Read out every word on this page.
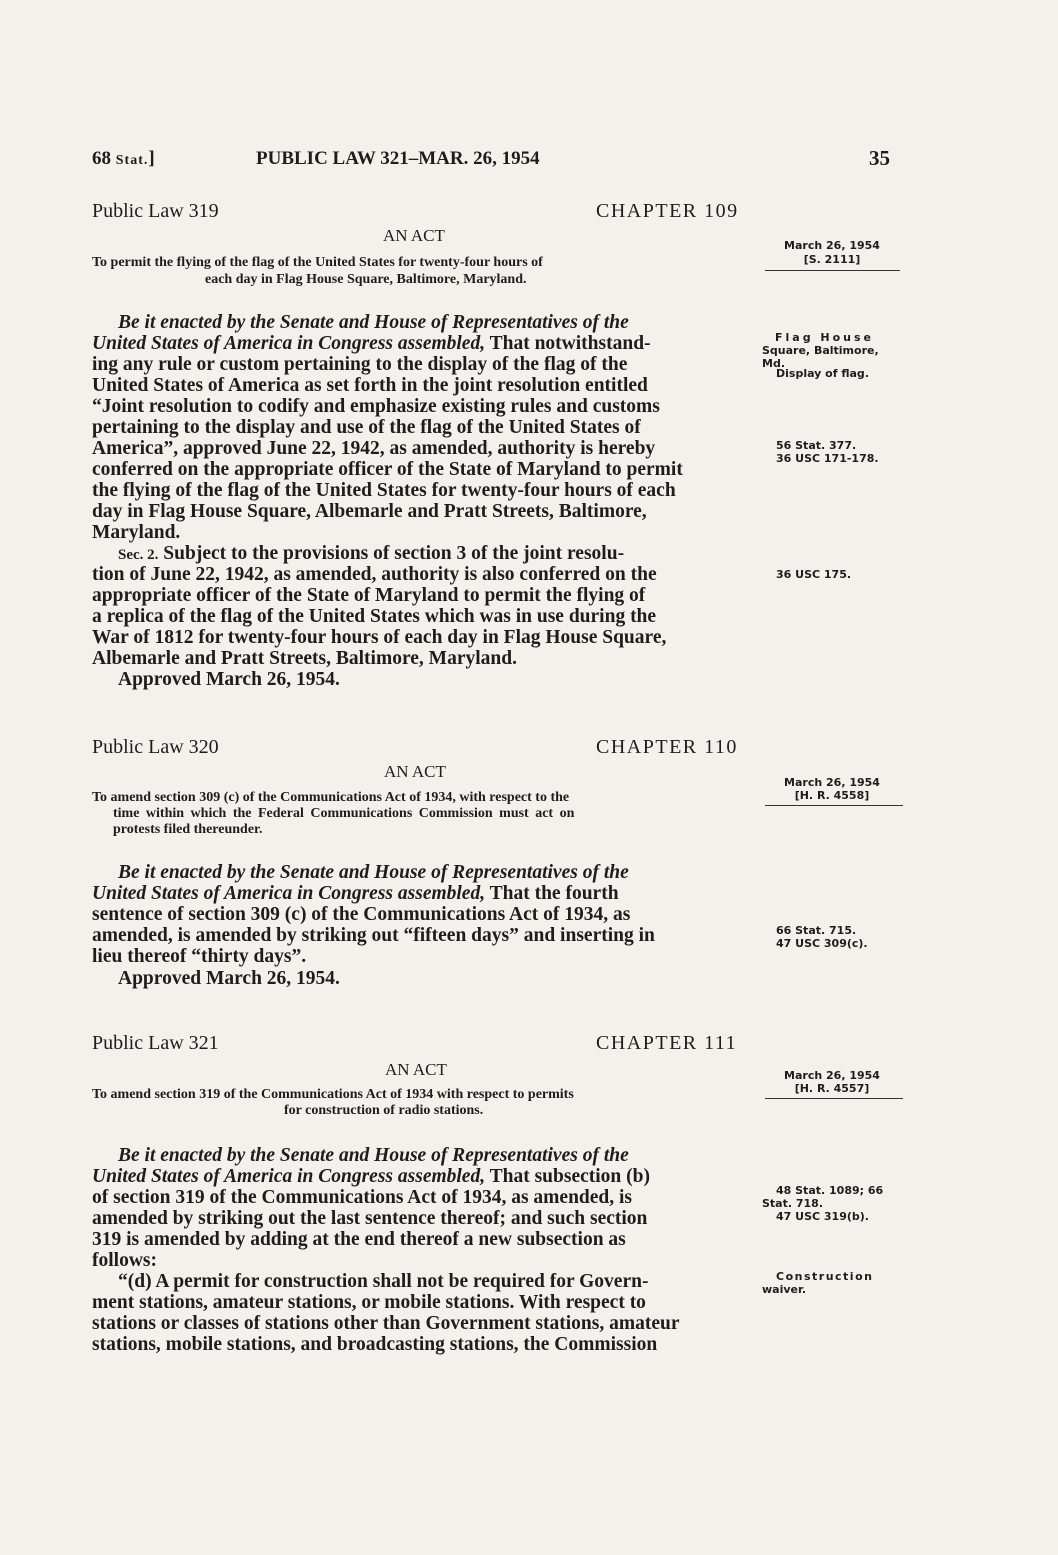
68 Stat.]	PUBLIC LAW 321–MAR. 26, 1954	35
Public Law 319	CHAPTER 109
AN ACT
To permit the flying of the flag of the United States for twenty-four hours of
each day in Flag House Square, Baltimore, Maryland.
March 26, 1954
[S. 2111]
Be it enacted by the Senate and House of Representatives of the
United States of America in Congress assembled, That notwithstand-
ing any rule or custom pertaining to the display of the flag of the
United States of America as set forth in the joint resolution entitled
“Joint resolution to codify and emphasize existing rules and customs
pertaining to the display and use of the flag of the United States of
America”, approved June 22, 1942, as amended, authority is hereby
conferred on the appropriate officer of the State of Maryland to permit
the flying of the flag of the United States for twenty-four hours of each
day in Flag House Square, Albemarle and Pratt Streets, Baltimore,
Maryland.
Sec. 2. Subject to the provisions of section 3 of the joint resolu-
tion of June 22, 1942, as amended, authority is also conferred on the
appropriate officer of the State of Maryland to permit the flying of
a replica of the flag of the United States which was in use during the
War of 1812 for twenty-four hours of each day in Flag House Square,
Albemarle and Pratt Streets, Baltimore, Maryland.
Approved March 26, 1954.
Flag House
Square, Baltimore,
Md.
Display of flag.
56 Stat. 377.
36 USC 171-178.
36 USC 175.
Public Law 320	CHAPTER 110
AN ACT
To amend section 309 (c) of the Communications Act of 1934, with respect to the
time within which the Federal Communications Commission must act on
protests filed thereunder.
March 26, 1954
[H. R. 4558]
Be it enacted by the Senate and House of Representatives of the
United States of America in Congress assembled, That the fourth
sentence of section 309 (c) of the Communications Act of 1934, as
amended, is amended by striking out “fifteen days” and inserting in
lieu thereof “thirty days”.
Approved March 26, 1954.
66 Stat. 715.
47 USC 309(c).
Public Law 321	CHAPTER 111
AN ACT
To amend section 319 of the Communications Act of 1934 with respect to permits
for construction of radio stations.
March 26, 1954
[H. R. 4557]
Be it enacted by the Senate and House of Representatives of the
United States of America in Congress assembled, That subsection (b)
of section 319 of the Communications Act of 1934, as amended, is
amended by striking out the last sentence thereof; and such section
319 is amended by adding at the end thereof a new subsection as
follows:
“(d) A permit for construction shall not be required for Govern-
ment stations, amateur stations, or mobile stations. With respect to
stations or classes of stations other than Government stations, amateur
stations, mobile stations, and broadcasting stations, the Commission
48 Stat. 1089; 66
Stat. 718.
47 USC 319(b).
Construction
waiver.
